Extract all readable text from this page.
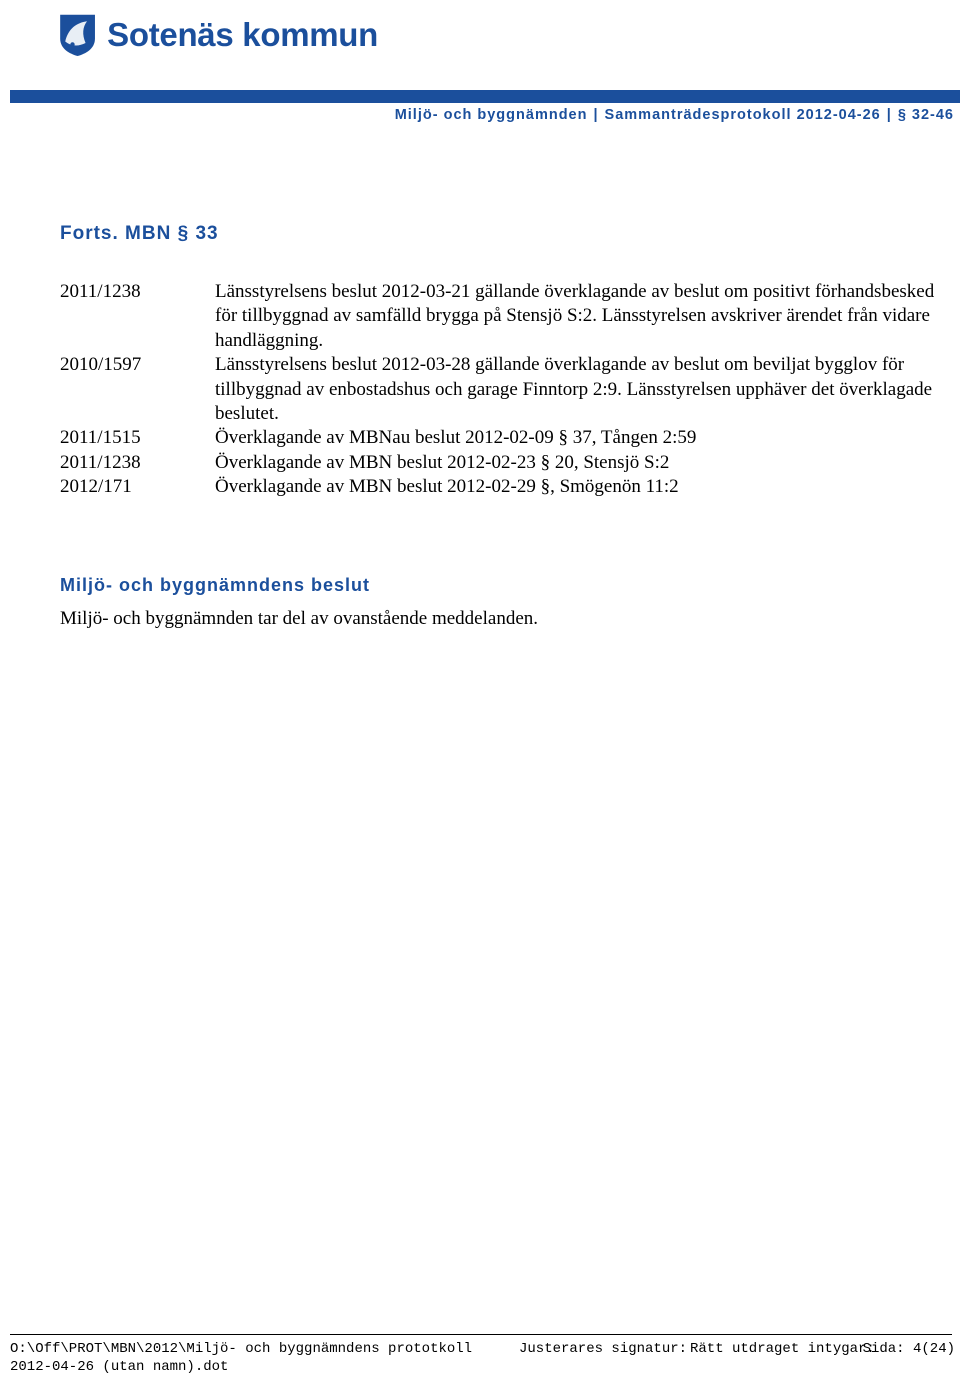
Sotenäs kommun
Miljö- och byggnämnden | Sammanträdesprotokoll 2012-04-26 | § 32-46
Forts. MBN § 33
2011/1238	Länsstyrelsens beslut 2012-03-21 gällande överklagande av beslut om positivt förhandsbesked för tillbyggnad av samfälld brygga på Stensjö S:2. Länsstyrelsen avskriver ärendet från vidare handläggning.
2010/1597	Länsstyrelsens beslut 2012-03-28 gällande överklagande av beslut om beviljat bygglov för tillbyggnad av enbostadshus och garage Finntorp 2:9. Länsstyrelsen upphäver det överklagade beslutet.
2011/1515	Överklagande av MBNau beslut 2012-02-09 § 37, Tången 2:59
2011/1238	Överklagande av MBN beslut 2012-02-23 § 20, Stensjö S:2
2012/171	Överklagande av MBN beslut 2012-02-29 §, Smögenön 11:2
Miljö- och byggnämndens beslut
Miljö- och byggnämnden tar del av ovanstående meddelanden.
O:\Off\PROT\MBN\2012\Miljö- och byggnämndens prototkoll 2012-04-26 (utan namn).dot
Justerares signatur: Rätt utdraget intygar:
Sida: 4(24)
